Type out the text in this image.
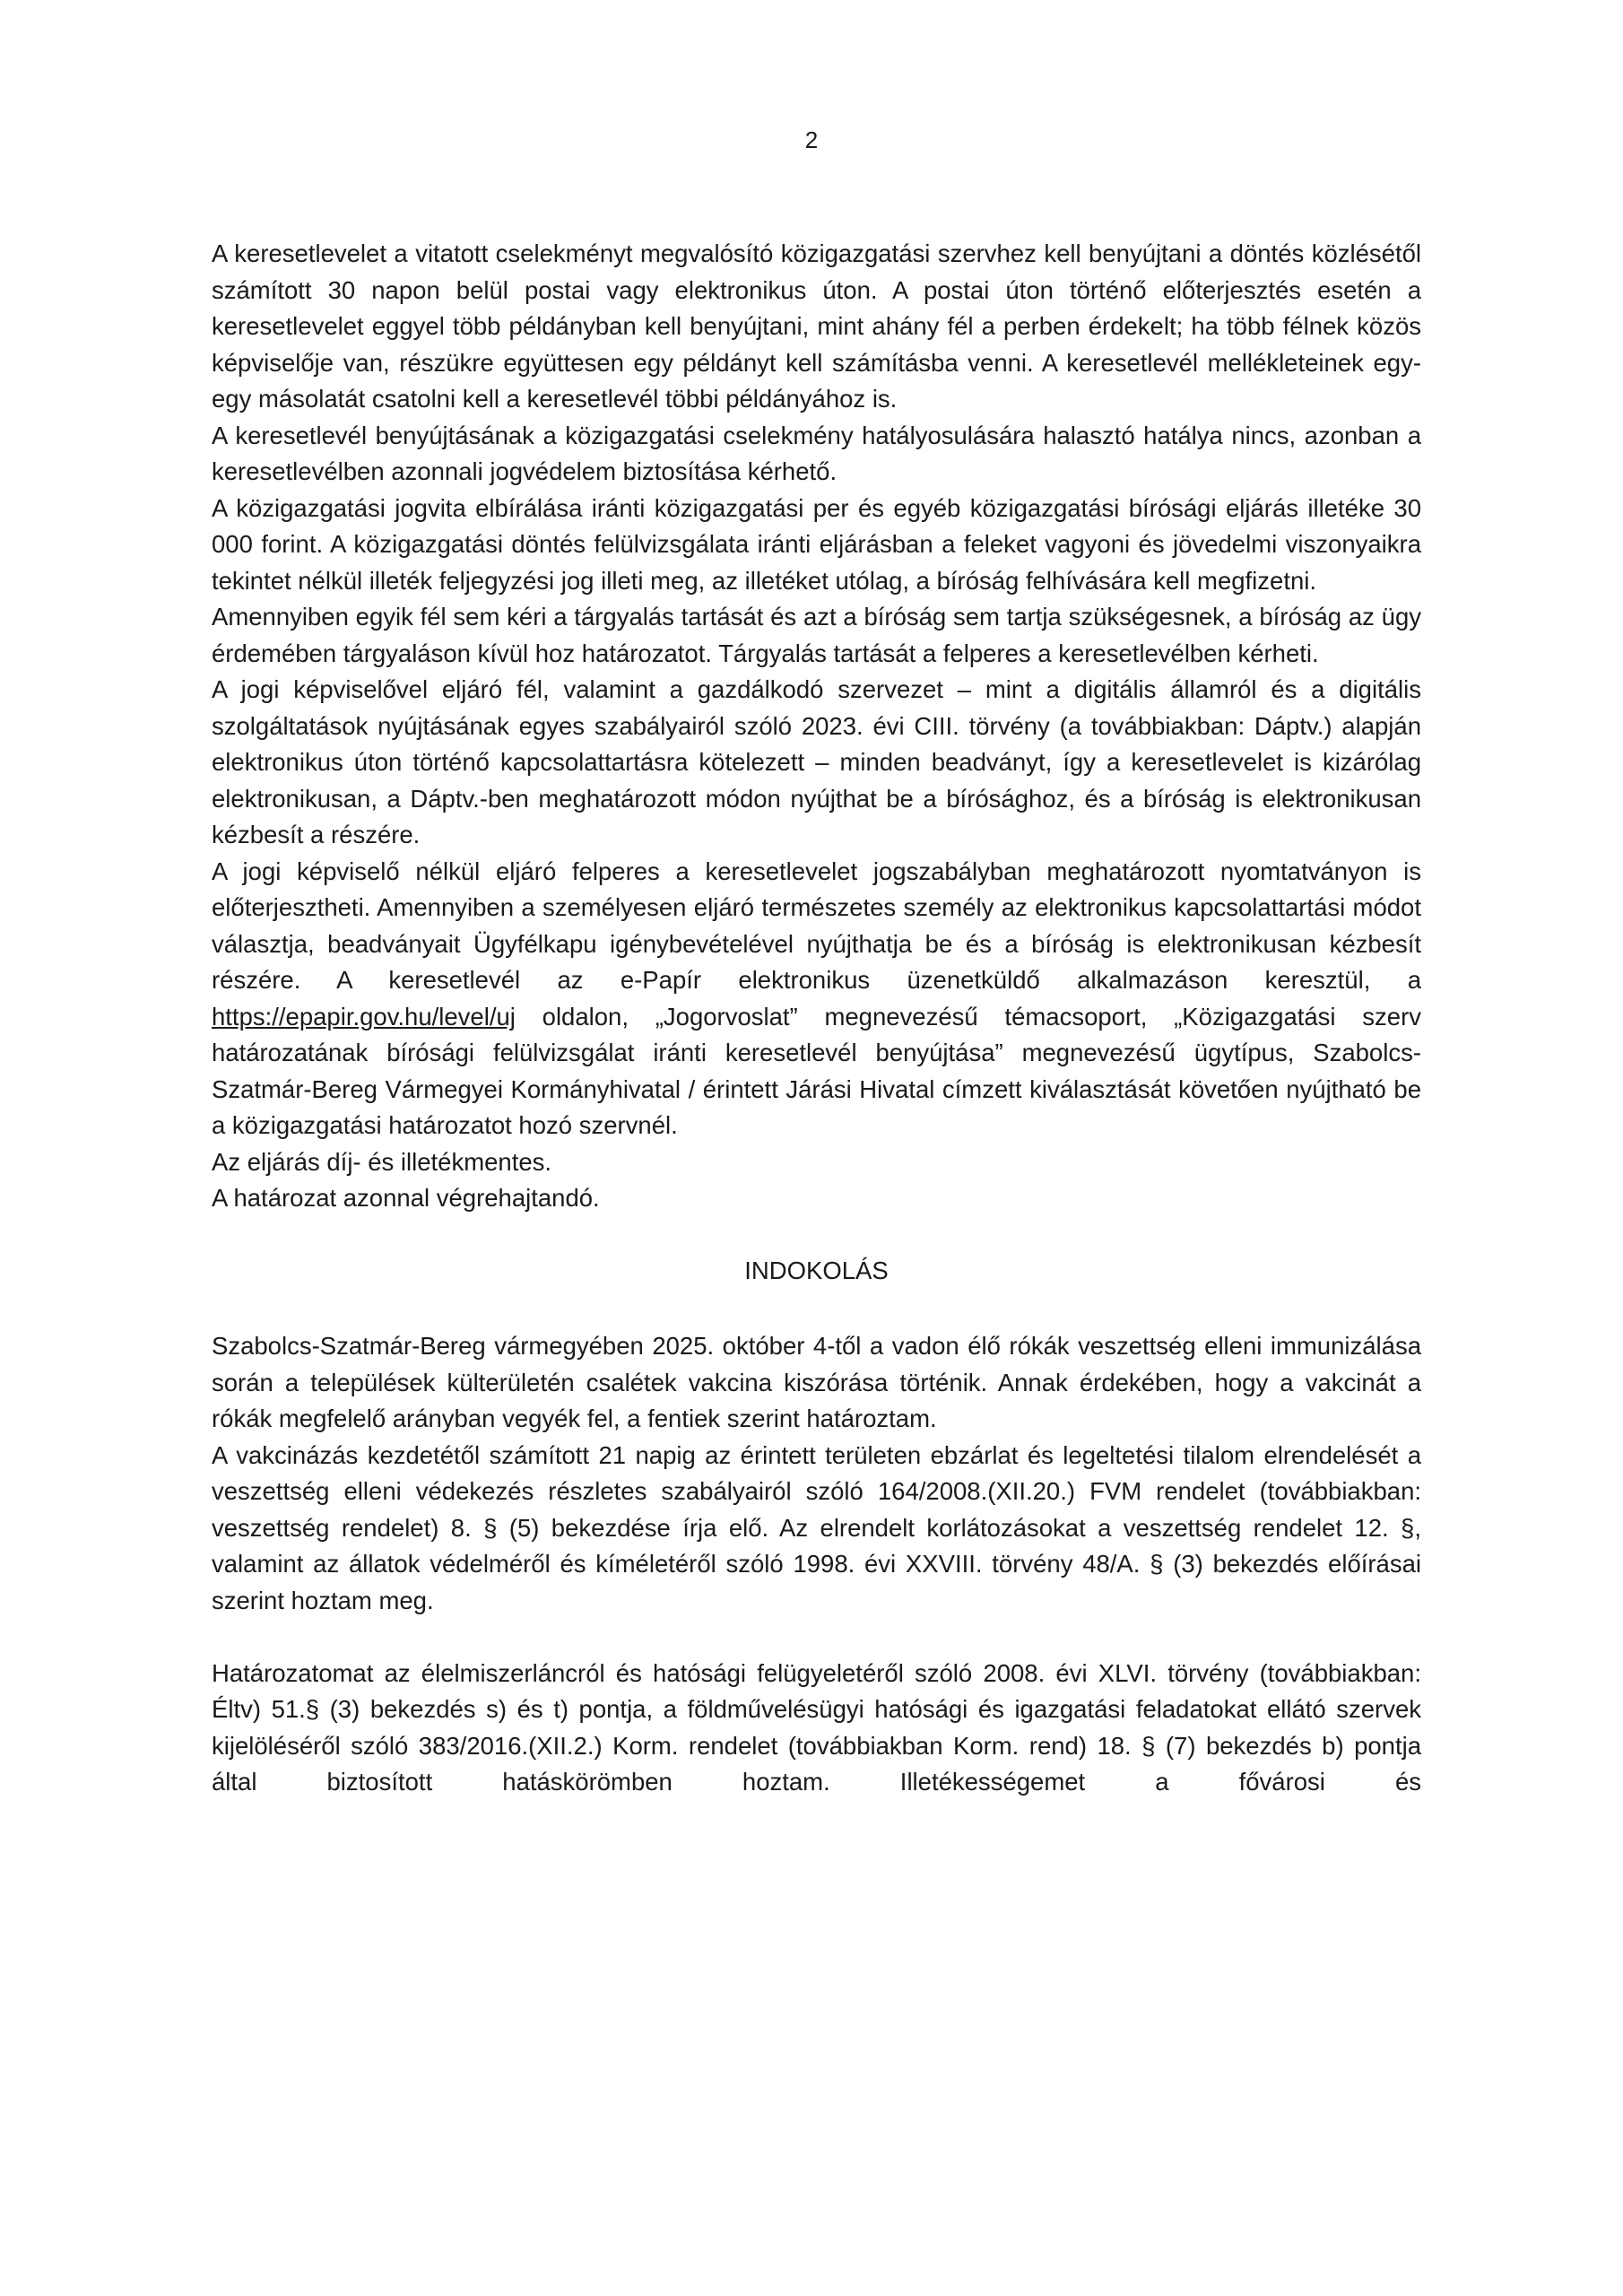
2

A keresetlevelet a vitatott cselekményt megvalósító közigazgatási szervhez kell benyújtani a döntés közlésétől számított 30 napon belül postai vagy elektronikus úton. A postai úton történő előterjesztés esetén a keresetlevelet eggyel több példányban kell benyújtani, mint ahány fél a perben érdekelt; ha több félnek közös képviselője van, részükre együttesen egy példányt kell számításba venni. A keresetlevél mellékleteinek egy-egy másolatát csatolni kell a keresetlevél többi példányához is.

A keresetlevél benyújtásának a közigazgatási cselekmény hatályosulására halasztó hatálya nincs, azonban a keresetlevélben azonnali jogvédelem biztosítása kérhető.

A közigazgatási jogvita elbírálása iránti közigazgatási per és egyéb közigazgatási bírósági eljárás illetéke 30 000 forint. A közigazgatási döntés felülvizsgálata iránti eljárásban a feleket vagyoni és jövedelmi viszonyaikra tekintet nélkül illeték feljegyzési jog illeti meg, az illetéket utólag, a bíróság felhívására kell megfizetni.

Amennyiben egyik fél sem kéri a tárgyalás tartását és azt a bíróság sem tartja szükségesnek, a bíróság az ügy érdemében tárgyaláson kívül hoz határozatot. Tárgyalás tartását a felperes a keresetlevélben kérheti.

A jogi képviselővel eljáró fél, valamint a gazdálkodó szervezet – mint a digitális államról és a digitális szolgáltatások nyújtásának egyes szabályairól szóló 2023. évi CIII. törvény (a továbbiakban: Dáptv.) alapján elektronikus úton történő kapcsolattartásra kötelezett – minden beadványt, így a keresetlevelet is kizárólag elektronikusan, a Dáptv.-ben meghatározott módon nyújthat be a bírósághoz, és a bíróság is elektronikusan kézbesít a részére.

A jogi képviselő nélkül eljáró felperes a keresetlevelet jogszabályban meghatározott nyomtatványon is előterjesztheti. Amennyiben a személyesen eljáró természetes személy az elektronikus kapcsolattartási módot választja, beadványait Ügyfélkapu igénybevételével nyújthatja be és a bíróság is elektronikusan kézbesít részére. A keresetlevél az e-Papír elektronikus üzenetküldő alkalmazáson keresztül, a https://epapir.gov.hu/level/uj oldalon, „Jogorvoslat” megnevezésű témacsoport, „Közigazgatási szerv határozatának bírósági felülvizsgálat iránti keresetlevél benyújtása” megnevezésű ügytípus, Szabolcs-Szatmár-Bereg Vármegyei Kormányhivatal / érintett Járási Hivatal címzett kiválasztását követően nyújtható be a közigazgatási határozatot hozó szervnél.

Az eljárás díj- és illetékmentes.

A határozat azonnal végrehajtandó.

INDOKOLÁS

Szabolcs-Szatmár-Bereg vármegyében 2025. október 4-től a vadon élő rókák veszettség elleni immunizálása során a települések külterületén csalétek vakcina kiszórása történik. Annak érdekében, hogy a vakcinát a rókák megfelelő arányban vegyék fel, a fentiek szerint határoztam.

A vakcinázás kezdetétől számított 21 napig az érintett területen ebzárlat és legeltetési tilalom elrendelését a veszettség elleni védekezés részletes szabályairól szóló 164/2008.(XII.20.) FVM rendelet (továbbiakban: veszettség rendelet) 8. § (5) bekezdése írja elő. Az elrendelt korlátozásokat a veszettség rendelet 12. §, valamint az állatok védelméről és kíméletéről szóló 1998. évi XXVIII. törvény 48/A. § (3) bekezdés előírásai szerint hoztam meg.

Határozatomat az élelmiszerláncról és hatósági felügyeletéről szóló 2008. évi XLVI. törvény (továbbiakban: Éltv) 51.§ (3) bekezdés s) és t) pontja, a földművelésügyi hatósági és igazgatási feladatokat ellátó szervek kijelöléséről szóló 383/2016.(XII.2.) Korm. rendelet (továbbiakban Korm. rend) 18. § (7) bekezdés b) pontja által biztosított hatáskörömben hoztam. Illetékességemet a fővárosi és
